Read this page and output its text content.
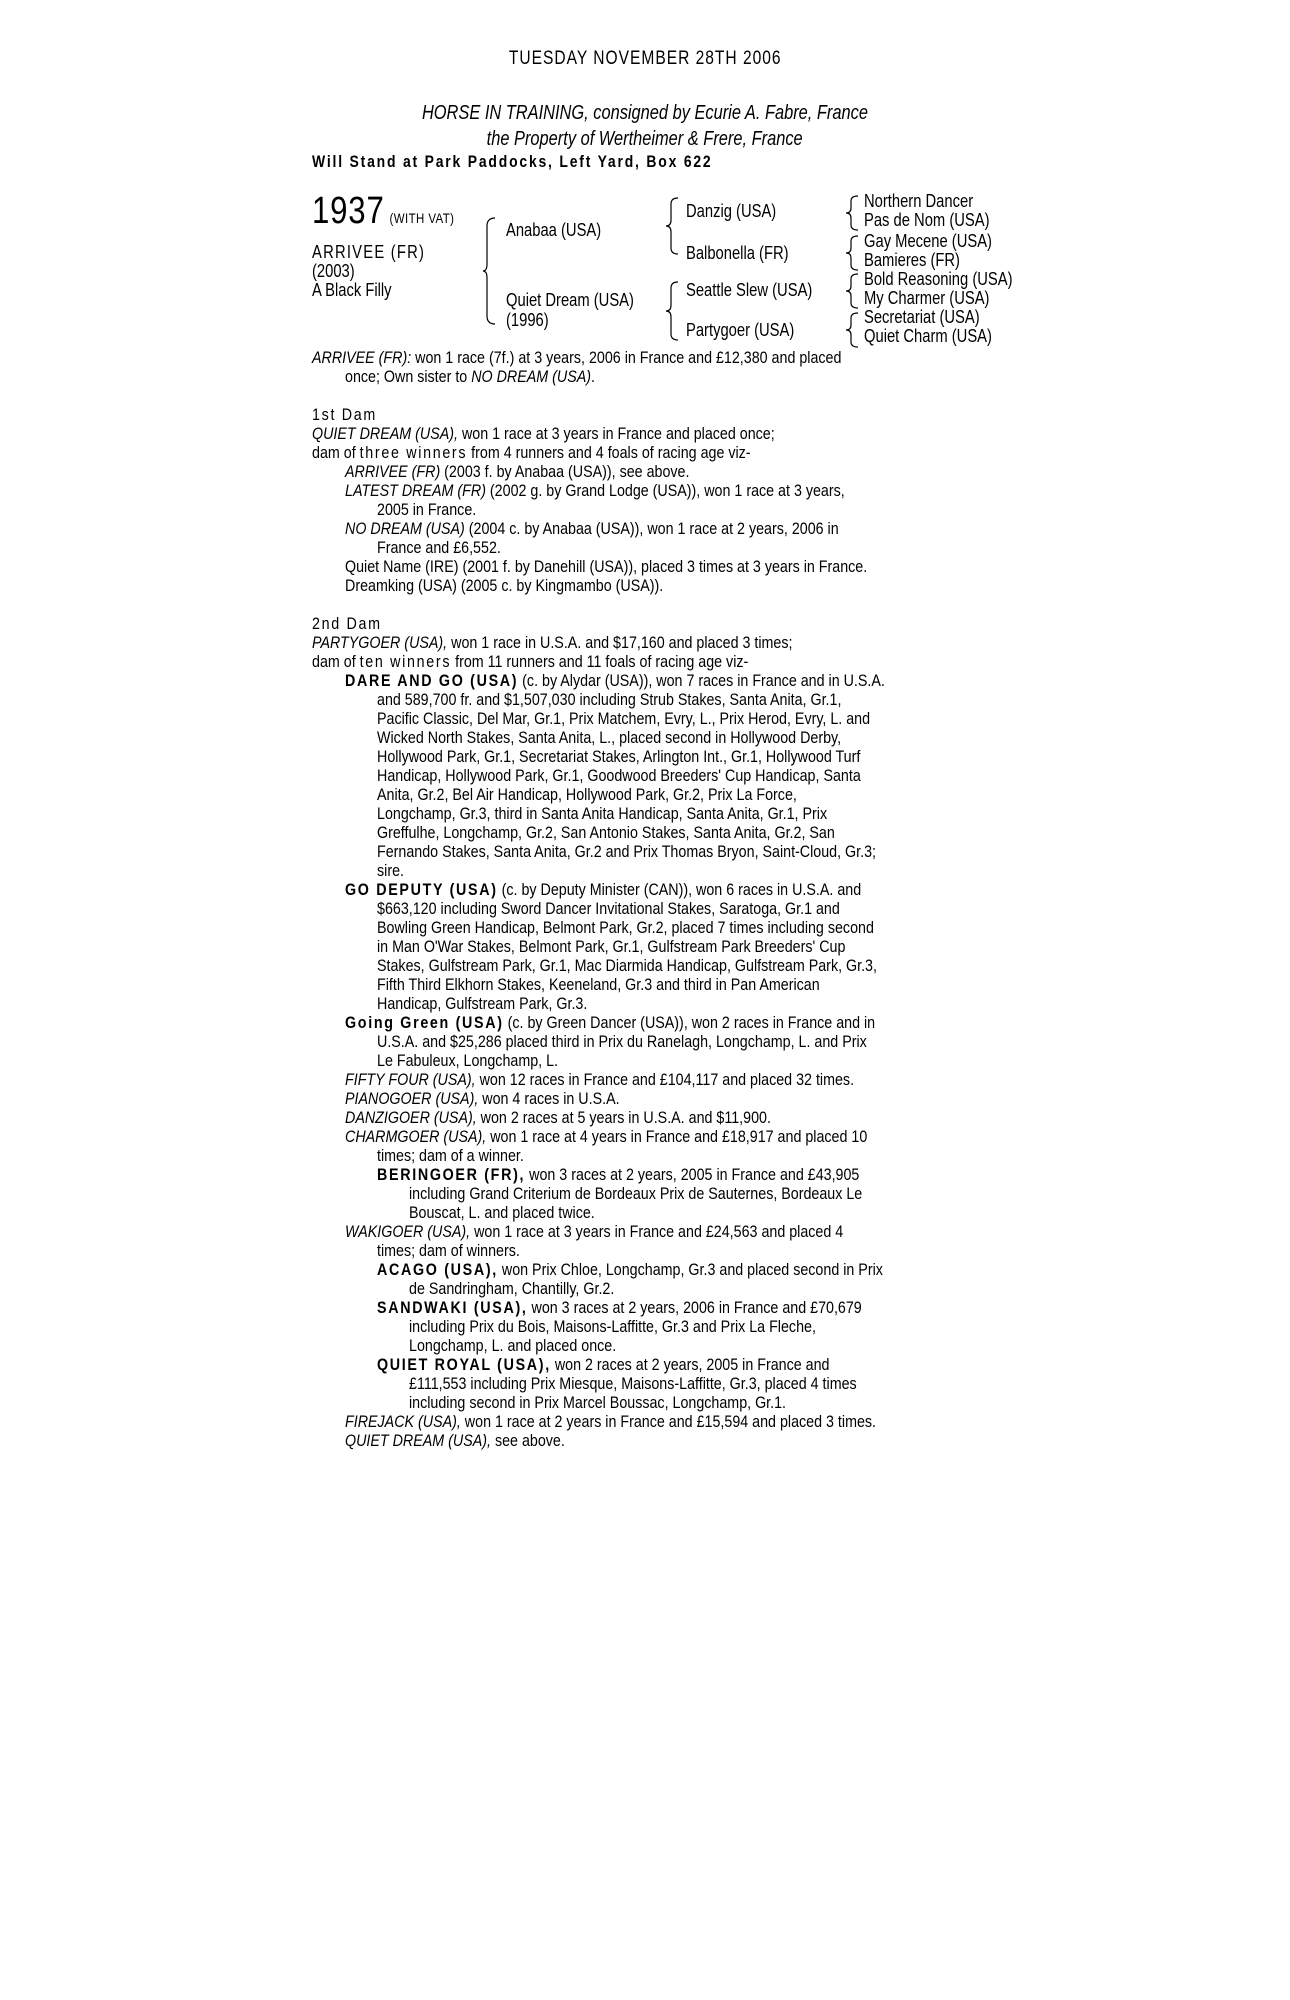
TUESDAY NOVEMBER 28TH 2006
HORSE IN TRAINING, consigned by Ecurie A. Fabre, France
the Property of Wertheimer & Frere, France
Will Stand at Park Paddocks, Left Yard, Box 622
1937 (WITH VAT)
ARRIVEE (FR)
(2003)
A Black Filly
Anabaa (USA)
Quiet Dream (USA)
(1996)
Danzig (USA)
Balbonella (FR)
Seattle Slew (USA)
Partygoer (USA)
Northern Dancer
Pas de Nom (USA)
Gay Mecene (USA)
Bamieres (FR)
Bold Reasoning (USA)
My Charmer (USA)
Secretariat (USA)
Quiet Charm (USA)
ARRIVEE (FR): won 1 race (7f.) at 3 years, 2006 in France and £12,380 and placed
once; Own sister to NO DREAM (USA).
1st Dam
QUIET DREAM (USA), won 1 race at 3 years in France and placed once;
dam of three winners from 4 runners and 4 foals of racing age viz-
ARRIVEE (FR) (2003 f. by Anabaa (USA)), see above.
LATEST DREAM (FR) (2002 g. by Grand Lodge (USA)), won 1 race at 3 years,
2005 in France.
NO DREAM (USA) (2004 c. by Anabaa (USA)), won 1 race at 2 years, 2006 in
France and £6,552.
Quiet Name (IRE) (2001 f. by Danehill (USA)), placed 3 times at 3 years in France.
Dreamking (USA) (2005 c. by Kingmambo (USA)).
2nd Dam
PARTYGOER (USA), won 1 race in U.S.A. and $17,160 and placed 3 times;
dam of ten winners from 11 runners and 11 foals of racing age viz-
DARE AND GO (USA) (c. by Alydar (USA)), won 7 races in France and in U.S.A.
and 589,700 fr. and $1,507,030 including Strub Stakes, Santa Anita, Gr.1,
Pacific Classic, Del Mar, Gr.1, Prix Matchem, Evry, L., Prix Herod, Evry, L. and
Wicked North Stakes, Santa Anita, L., placed second in Hollywood Derby,
Hollywood Park, Gr.1, Secretariat Stakes, Arlington Int., Gr.1, Hollywood Turf
Handicap, Hollywood Park, Gr.1, Goodwood Breeders' Cup Handicap, Santa
Anita, Gr.2, Bel Air Handicap, Hollywood Park, Gr.2, Prix La Force,
Longchamp, Gr.3, third in Santa Anita Handicap, Santa Anita, Gr.1, Prix
Greffulhe, Longchamp, Gr.2, San Antonio Stakes, Santa Anita, Gr.2, San
Fernando Stakes, Santa Anita, Gr.2 and Prix Thomas Bryon, Saint-Cloud, Gr.3;
sire.
GO DEPUTY (USA) (c. by Deputy Minister (CAN)), won 6 races in U.S.A. and
$663,120 including Sword Dancer Invitational Stakes, Saratoga, Gr.1 and
Bowling Green Handicap, Belmont Park, Gr.2, placed 7 times including second
in Man O'War Stakes, Belmont Park, Gr.1, Gulfstream Park Breeders' Cup
Stakes, Gulfstream Park, Gr.1, Mac Diarmida Handicap, Gulfstream Park, Gr.3,
Fifth Third Elkhorn Stakes, Keeneland, Gr.3 and third in Pan American
Handicap, Gulfstream Park, Gr.3.
Going Green (USA) (c. by Green Dancer (USA)), won 2 races in France and in
U.S.A. and $25,286 placed third in Prix du Ranelagh, Longchamp, L. and Prix
Le Fabuleux, Longchamp, L.
FIFTY FOUR (USA), won 12 races in France and £104,117 and placed 32 times.
PIANOGOER (USA), won 4 races in U.S.A.
DANZIGOER (USA), won 2 races at 5 years in U.S.A. and $11,900.
CHARMGOER (USA), won 1 race at 4 years in France and £18,917 and placed 10
times; dam of a winner.
BERINGOER (FR), won 3 races at 2 years, 2005 in France and £43,905
including Grand Criterium de Bordeaux Prix de Sauternes, Bordeaux Le
Bouscat, L. and placed twice.
WAKIGOER (USA), won 1 race at 3 years in France and £24,563 and placed 4
times; dam of winners.
ACAGO (USA), won Prix Chloe, Longchamp, Gr.3 and placed second in Prix
de Sandringham, Chantilly, Gr.2.
SANDWAKI (USA), won 3 races at 2 years, 2006 in France and £70,679
including Prix du Bois, Maisons-Laffitte, Gr.3 and Prix La Fleche,
Longchamp, L. and placed once.
QUIET ROYAL (USA), won 2 races at 2 years, 2005 in France and
£111,553 including Prix Miesque, Maisons-Laffitte, Gr.3, placed 4 times
including second in Prix Marcel Boussac, Longchamp, Gr.1.
FIREJACK (USA), won 1 race at 2 years in France and £15,594 and placed 3 times.
QUIET DREAM (USA), see above.
